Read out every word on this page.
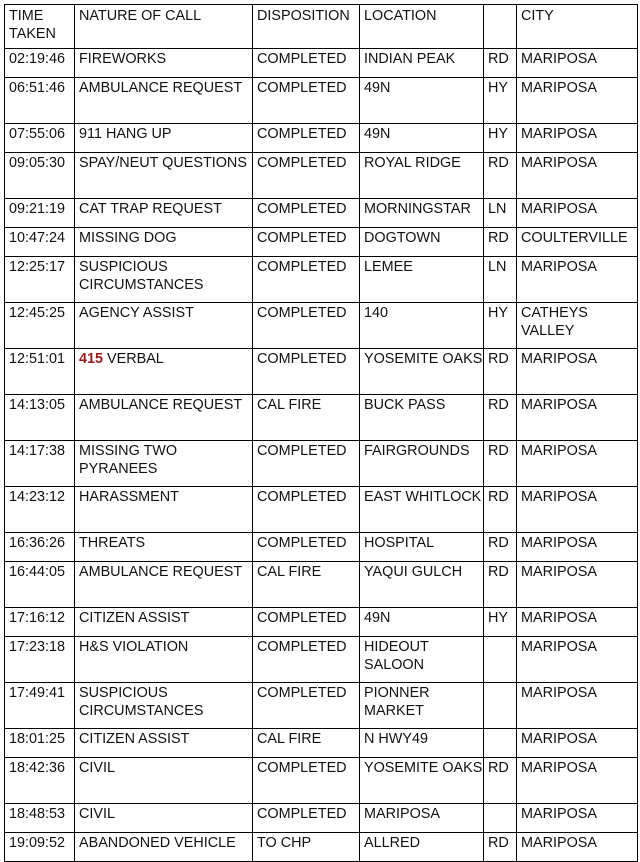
TIME TAKEN	NATURE OF CALL	DISPOSITION	LOCATION		CITY
02:19:46	FIREWORKS	COMPLETED	INDIAN PEAK	RD	MARIPOSA
06:51:46	AMBULANCE REQUEST	COMPLETED	49N	HY	MARIPOSA
07:55:06	911 HANG UP	COMPLETED	49N	HY	MARIPOSA
09:05:30	SPAY/NEUT QUESTIONS	COMPLETED	ROYAL RIDGE	RD	MARIPOSA
09:21:19	CAT TRAP REQUEST	COMPLETED	MORNINGSTAR	LN	MARIPOSA
10:47:24	MISSING DOG	COMPLETED	DOGTOWN	RD	COULTERVILLE
12:25:17	SUSPICIOUS CIRCUMSTANCES	COMPLETED	LEMEE	LN	MARIPOSA
12:45:25	AGENCY ASSIST	COMPLETED	140	HY	CATHEYS VALLEY
12:51:01	415 VERBAL	COMPLETED	YOSEMITE OAKS	RD	MARIPOSA
14:13:05	AMBULANCE REQUEST	CAL FIRE	BUCK PASS	RD	MARIPOSA
14:17:38	MISSING TWO PYRANEES	COMPLETED	FAIRGROUNDS	RD	MARIPOSA
14:23:12	HARASSMENT	COMPLETED	EAST WHITLOCK	RD	MARIPOSA
16:36:26	THREATS	COMPLETED	HOSPITAL	RD	MARIPOSA
16:44:05	AMBULANCE REQUEST	CAL FIRE	YAQUI GULCH	RD	MARIPOSA
17:16:12	CITIZEN ASSIST	COMPLETED	49N	HY	MARIPOSA
17:23:18	H&S VIOLATION	COMPLETED	HIDEOUT SALOON		MARIPOSA
17:49:41	SUSPICIOUS CIRCUMSTANCES	COMPLETED	PIONNER MARKET		MARIPOSA
18:01:25	CITIZEN ASSIST	CAL FIRE	N HWY49		MARIPOSA
18:42:36	CIVIL	COMPLETED	YOSEMITE OAKS	RD	MARIPOSA
18:48:53	CIVIL	COMPLETED	MARIPOSA		MARIPOSA
19:09:52	ABANDONED VEHICLE	TO CHP	ALLRED	RD	MARIPOSA
